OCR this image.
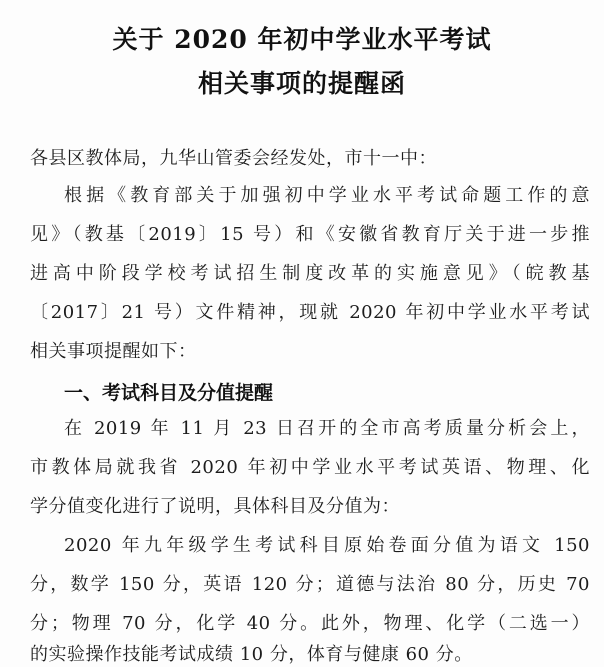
关于 2020 年初中学业水平考试
相关事项的提醒函
各县区教体局，九华山管委会经发处，市十一中：
根据《教育部关于加强初中学业水平考试命题工作的意
见》（教基〔2019〕15 号）和《安徽省教育厅关于进一步推
进高中阶段学校考试招生制度改革的实施意见》（皖教基
〔2017〕21 号）文件精神，现就 2020 年初中学业水平考试
相关事项提醒如下：
一、考试科目及分值提醒
在 2019 年 11 月 23 日召开的全市高考质量分析会上，
市教体局就我省 2020 年初中学业水平考试英语、物理、化
学分值变化进行了说明，具体科目及分值为：
2020 年九年级学生考试科目原始卷面分值为语文 150
分，数学 150 分，英语 120 分；道德与法治 80 分，历史 70
分；物理 70 分，化学 40 分。此外，物理、化学（二选一）
的实验操作技能考试成绩 10 分，体育与健康 60 分。
